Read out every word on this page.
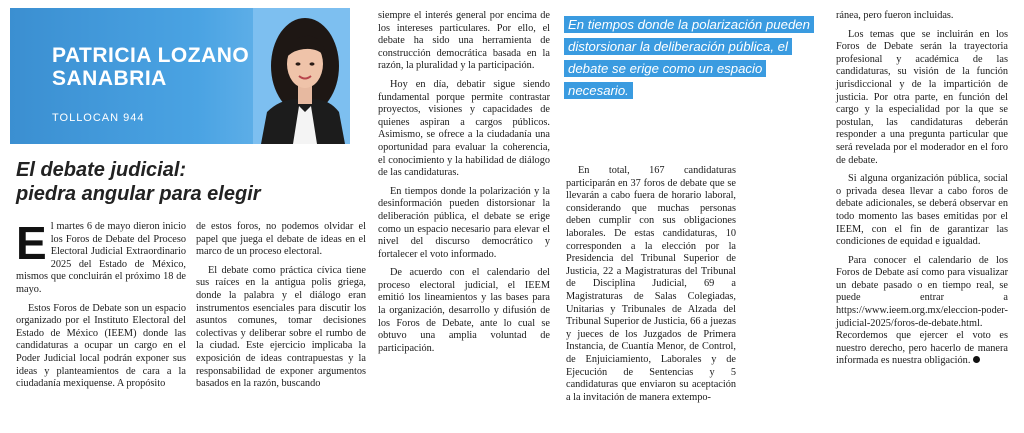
PATRICIA LOZANO SANABRIA
TOLLOCAN 944
El debate judicial:
piedra angular para elegir

El martes 6 de mayo dieron inicio los Foros de Debate del Proceso Electoral Judicial Extraordinario 2025 del Estado de México, mismos que concluirán el próximo 18 de mayo.

Estos Foros de Debate son un espacio organizado por el Instituto Electoral del Estado de México (IEEM) donde las candidaturas a ocupar un cargo en el Poder Judicial local podrán exponer sus ideas y planteamientos de cara a la ciudadanía mexiquense. A propósito

de estos foros, no podemos olvidar el papel que juega el debate de ideas en el marco de un proceso electoral.

El debate como práctica cívica tiene sus raíces en la antigua polis griega, donde la palabra y el diálogo eran instrumentos esenciales para discutir los asuntos comunes, tomar decisiones colectivas y deliberar sobre el rumbo de la ciudad. Este ejercicio implicaba la exposición de ideas contrapuestas y la responsabilidad de exponer argumentos basados en la razón, buscando

siempre el interés general por encima de los intereses particulares. Por ello, el debate ha sido una herramienta de construcción democrática basada en la razón, la pluralidad y la participación.

Hoy en día, debatir sigue siendo fundamental porque permite contrastar proyectos, visiones y capacidades de quienes aspiran a cargos públicos. Asimismo, se ofrece a la ciudadanía una oportunidad para evaluar la coherencia, el conocimiento y la habilidad de diálogo de las candidaturas.

En tiempos donde la polarización y la desinformación pueden distorsionar la deliberación pública, el debate se erige como un espacio necesario para elevar el nivel del discurso democrático y fortalecer el voto informado.

De acuerdo con el calendario del proceso electoral judicial, el IEEM emitió los lineamientos y las bases para la organización, desarrollo y difusión de los Foros de Debate, ante lo cual se obtuvo una amplia voluntad de participación.

En tiempos donde la polarización pueden distorsionar la deliberación pública, el debate se erige como un espacio necesario.

En total, 167 candidaturas participarán en 37 foros de debate que se llevarán a cabo fuera de horario laboral, considerando que muchas personas deben cumplir con sus obligaciones laborales. De estas candidaturas, 10 corresponden a la elección por la Presidencia del Tribunal Superior de Justicia, 22 a Magistraturas del Tribunal de Disciplina Judicial, 69 a Magistraturas de Salas Colegiadas, Unitarias y Tribunales de Alzada del Tribunal Superior de Justicia, 66 a juezas y jueces de los Juzgados de Primera Instancia, de Cuantía Menor, de Control, de Enjuiciamiento, Laborales y de Ejecución de Sentencias y 5 candidaturas que enviaron su aceptación a la invitación de manera extempo-

ránea, pero fueron incluidas.

Los temas que se incluirán en los Foros de Debate serán la trayectoria profesional y académica de las candidaturas, su visión de la función jurisdiccional y de la impartición de justicia. Por otra parte, en función del cargo y la especialidad por la que se postulan, las candidaturas deberán responder a una pregunta particular que será revelada por el moderador en el foro de debate.

Si alguna organización pública, social o privada desea llevar a cabo foros de debate adicionales, se deberá observar en todo momento las bases emitidas por el IEEM, con el fin de garantizar las condiciones de equidad e igualdad.

Para conocer el calendario de los Foros de Debate así como para visualizar un debate pasado o en tiempo real, se puede entrar a https://www.ieem.org.mx/eleccion-poder-judicial-2025/foros-de-debate.html. Recordemos que ejercer el voto es nuestro derecho, pero hacerlo de manera informada es nuestra obligación.
